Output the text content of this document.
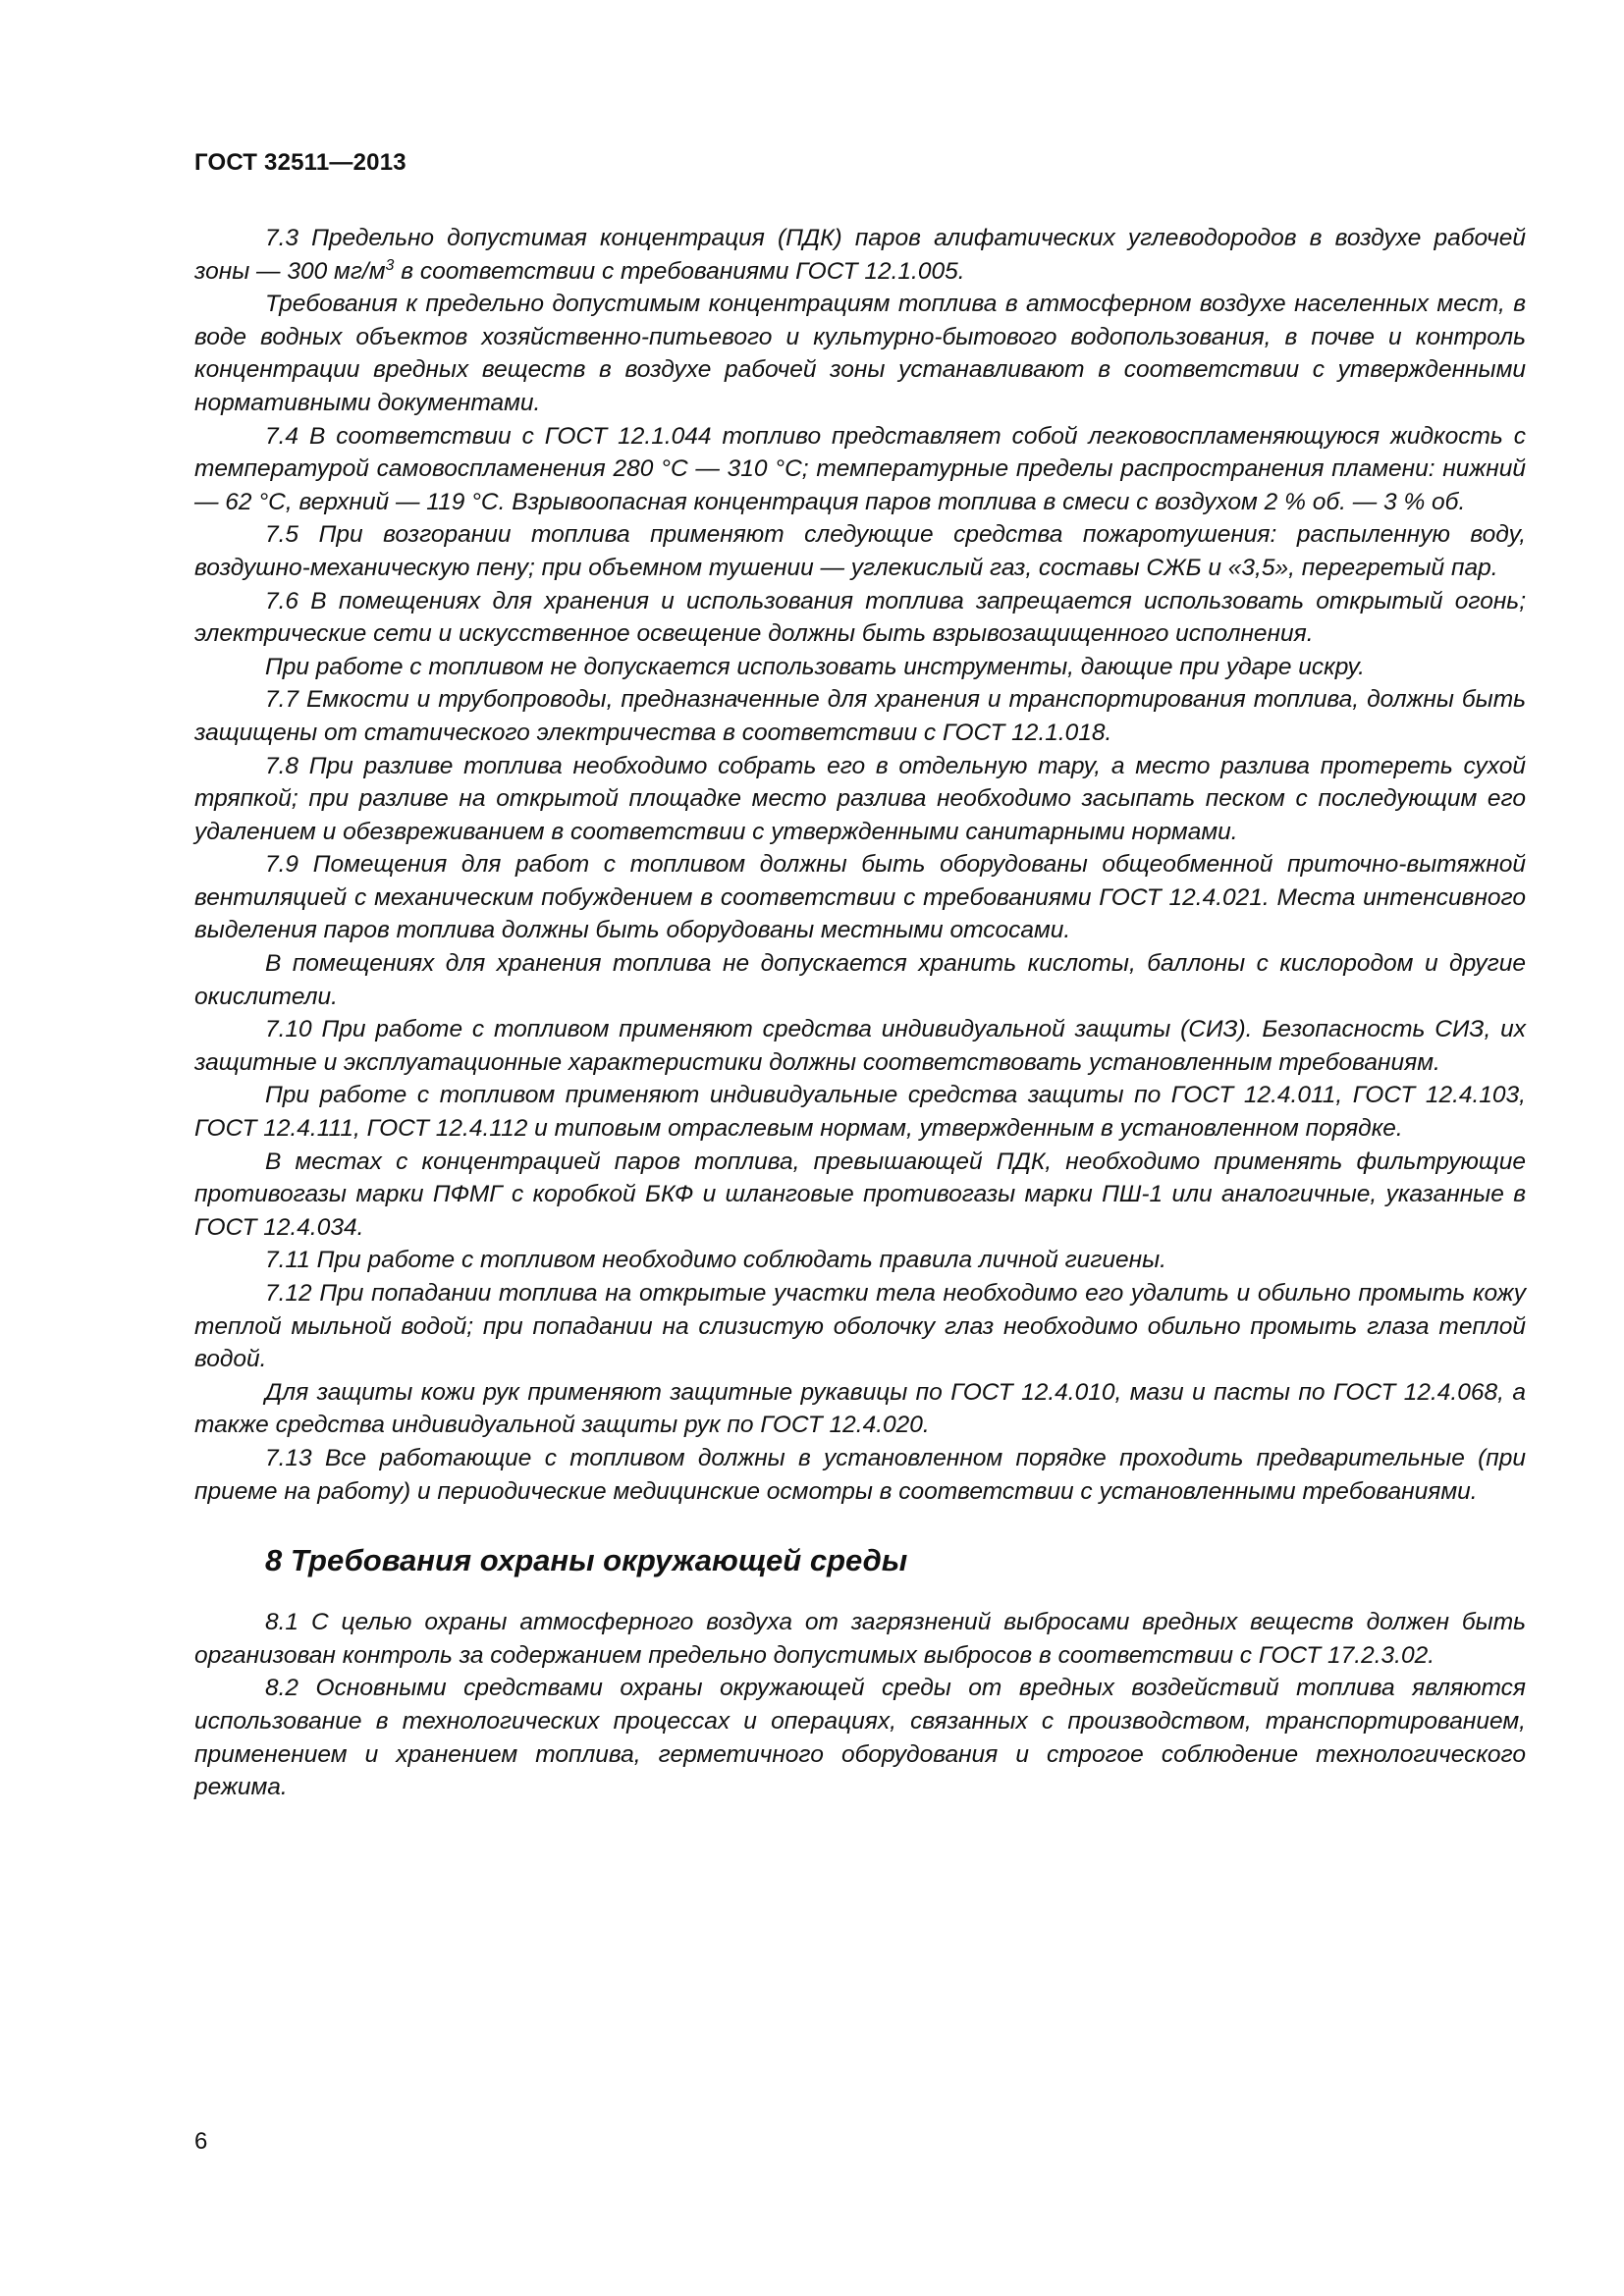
ГОСТ 32511—2013

7.3 Предельно допустимая концентрация (ПДК) паров алифатических углеводородов в воздухе рабочей зоны — 300 $мг/м^3$ в соответствии с требованиями ГОСТ 12.1.005.

Требования к предельно допустимым концентрациям топлива в атмосферном воздухе населенных мест, в воде водных объектов хозяйственно-питьевого и культурно-бытового водопользования, в почве и контроль концентрации вредных веществ в воздухе рабочей зоны устанавливают в соответствии с утвержденными нормативными документами.

7.4 В соответствии с ГОСТ 12.1.044 топливо представляет собой легковоспламеняющуюся жидкость с температурой самовоспламенения 280 °С — 310 °С; температурные пределы распространения пламени: нижний — 62 °С, верхний — 119 °С. Взрывоопасная концентрация паров топлива в смеси с воздухом 2 % об. — 3 % об.

7.5 При возгорании топлива применяют следующие средства пожаротушения: распыленную воду, воздушно-механическую пену; при объемном тушении — углекислый газ, составы СЖБ и «3,5», перегретый пар.

7.6 В помещениях для хранения и использования топлива запрещается использовать открытый огонь; электрические сети и искусственное освещение должны быть взрывозащищенного исполнения.

При работе с топливом не допускается использовать инструменты, дающие при ударе искру.

7.7 Емкости и трубопроводы, предназначенные для хранения и транспортирования топлива, должны быть защищены от статического электричества в соответствии с ГОСТ 12.1.018.

7.8 При разливе топлива необходимо собрать его в отдельную тару, а место разлива протереть сухой тряпкой; при разливе на открытой площадке место разлива необходимо засыпать песком с последующим его удалением и обезвреживанием в соответствии с утвержденными санитарными нормами.

7.9 Помещения для работ с топливом должны быть оборудованы общеобменной приточно-вытяжной вентиляцией с механическим побуждением в соответствии с требованиями ГОСТ 12.4.021. Места интенсивного выделения паров топлива должны быть оборудованы местными отсосами.

В помещениях для хранения топлива не допускается хранить кислоты, баллоны с кислородом и другие окислители.

7.10 При работе с топливом применяют средства индивидуальной защиты (СИЗ). Безопасность СИЗ, их защитные и эксплуатационные характеристики должны соответствовать установленным требованиям.

При работе с топливом применяют индивидуальные средства защиты по ГОСТ 12.4.011, ГОСТ 12.4.103, ГОСТ 12.4.111, ГОСТ 12.4.112 и типовым отраслевым нормам, утвержденным в установленном порядке.

В местах с концентрацией паров топлива, превышающей ПДК, необходимо применять фильтрующие противогазы марки ПФМГ с коробкой БКФ и шланговые противогазы марки ПШ-1 или аналогичные, указанные в ГОСТ 12.4.034.

7.11 При работе с топливом необходимо соблюдать правила личной гигиены.

7.12 При попадании топлива на открытые участки тела необходимо его удалить и обильно промыть кожу теплой мыльной водой; при попадании на слизистую оболочку глаз необходимо обильно промыть глаза теплой водой.

Для защиты кожи рук применяют защитные рукавицы по ГОСТ 12.4.010, мази и пасты по ГОСТ 12.4.068, а также средства индивидуальной защиты рук по ГОСТ 12.4.020.

7.13 Все работающие с топливом должны в установленном порядке проходить предварительные (при приеме на работу) и периодические медицинские осмотры в соответствии с установленными требованиями.

8 Требования охраны окружающей среды

8.1 С целью охраны атмосферного воздуха от загрязнений выбросами вредных веществ должен быть организован контроль за содержанием предельно допустимых выбросов в соответствии с ГОСТ 17.2.3.02.

8.2 Основными средствами охраны окружающей среды от вредных воздействий топлива являются использование в технологических процессах и операциях, связанных с производством, транспортированием, применением и хранением топлива, герметичного оборудования и строгое соблюдение технологического режима.

6
